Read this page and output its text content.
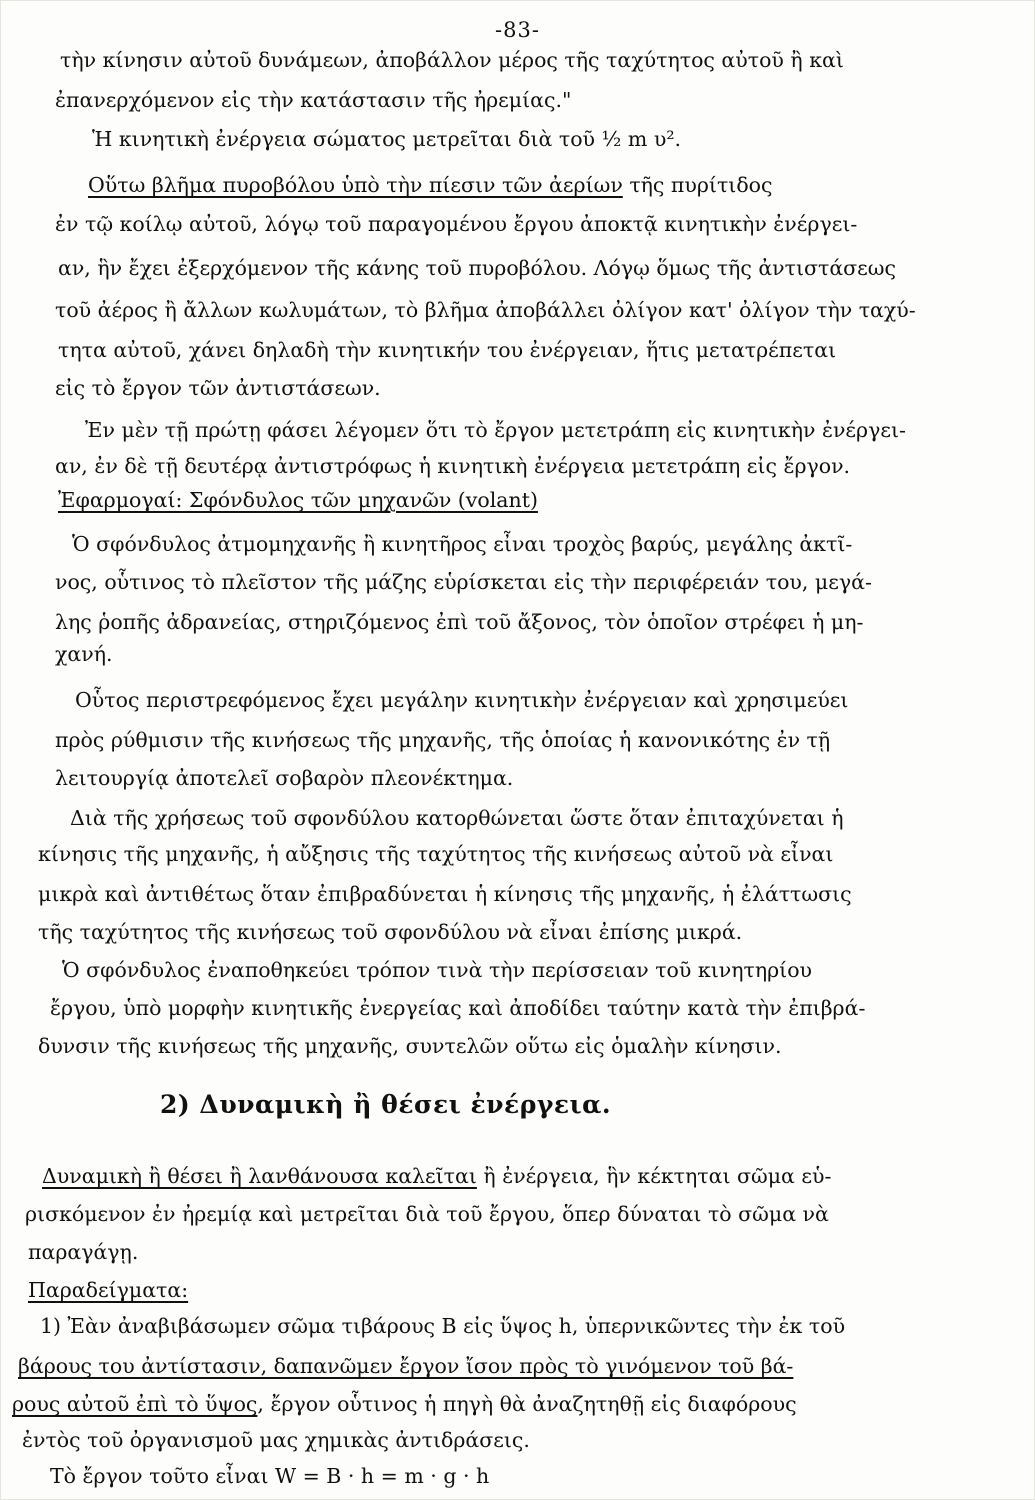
-83-
τὴν κίνησιν αὐτοῦ δυνάμεων, ἀποβάλλον μέρος τῆς ταχύτητος αὐτοῦ ἢ καὶ
ἐπανερχόμενον εἰς τὴν κατάστασιν τῆς ἠρεμίας."
Ἡ κινητικὴ ἐνέργεια σώματος μετρεῖται διὰ τοῦ ½ m υ².
Οὕτω βλῆμα πυροβόλου ὑπὸ τὴν πίεσιν τῶν ἀερίων τῆς πυρίτιδος
ἐν τῷ κοίλῳ αὐτοῦ, λόγῳ τοῦ παραγομένου ἔργου ἀποκτᾷ κινητικὴν ἐνέργει-
αν, ἣν ἔχει ἐξερχόμενον τῆς κάνης τοῦ πυροβόλου. Λόγῳ ὅμως τῆς ἀντιστάσεως
τοῦ ἀέρος ἢ ἄλλων κωλυμάτων, τὸ βλῆμα ἀποβάλλει ὀλίγον κατ' ὀλίγον τὴν ταχύ-
τητα αὐτοῦ, χάνει δηλαδὴ τὴν κινητικήν του ἐνέργειαν, ἥτις μετατρέπεται
εἰς τὸ ἔργον τῶν ἀντιστάσεων.
Ἐν μὲν τῇ πρώτῃ φάσει λέγομεν ὅτι τὸ ἔργον μετετράπη εἰς κινητικὴν ἐνέργει-
αν, ἐν δὲ τῇ δευτέρᾳ ἀντιστρόφως ἡ κινητικὴ ἐνέργεια μετετράπη εἰς ἔργον.
Ἐφαρμογαί: Σφόνδυλος τῶν μηχανῶν (volant)
Ὁ σφόνδυλος ἀτμομηχανῆς ἢ κινητῆρος εἶναι τροχὸς βαρύς, μεγάλης ἀκτῖ-
νος, οὗτινος τὸ πλεῖστον τῆς μάζης εὑρίσκεται εἰς τὴν περιφέρειάν του, μεγά-
λης ῥοπῆς ἀδρανείας, στηριζόμενος ἐπὶ τοῦ ἄξονος, τὸν ὁποῖον στρέφει ἡ μη-
χανή.
Οὗτος περιστρεφόμενος ἔχει μεγάλην κινητικὴν ἐνέργειαν καὶ χρησιμεύει
πρὸς ρύθμισιν τῆς κινήσεως τῆς μηχανῆς, τῆς ὁποίας ἡ κανονικότης ἐν τῇ
λειτουργίᾳ ἀποτελεῖ σοβαρὸν πλεονέκτημα.
Διὰ τῆς χρήσεως τοῦ σφονδύλου κατορθώνεται ὥστε ὅταν ἐπιταχύνεται ἡ
κίνησις τῆς μηχανῆς, ἡ αὔξησις τῆς ταχύτητος τῆς κινήσεως αὐτοῦ νὰ εἶναι
μικρὰ καὶ ἀντιθέτως ὅταν ἐπιβραδύνεται ἡ κίνησις τῆς μηχανῆς, ἡ ἐλάττωσις
τῆς ταχύτητος τῆς κινήσεως τοῦ σφονδύλου νὰ εἶναι ἐπίσης μικρά.
Ὁ σφόνδυλος ἐναποθηκεύει τρόπον τινὰ τὴν περίσσειαν τοῦ κινητηρίου
ἔργου, ὑπὸ μορφὴν κινητικῆς ἐνεργείας καὶ ἀποδίδει ταύτην κατὰ τὴν ἐπιβρά-
δυνσιν τῆς κινήσεως τῆς μηχανῆς, συντελῶν οὕτω εἰς ὁμαλὴν κίνησιν.
2) Δυναμικὴ ἢ θέσει ἐνέργεια.
Δυναμικὴ ἢ θέσει ἢ λανθάνουσα καλεῖται ἢ ἐνέργεια, ἣν κέκτηται σῶμα εὑ-
ρισκόμενον ἐν ἠρεμίᾳ καὶ μετρεῖται διὰ τοῦ ἔργου, ὅπερ δύναται τὸ σῶμα νὰ
παραγάγῃ.
Παραδείγματα:
1) Ἐὰν ἀναβιβάσωμεν σῶμα τιβάρους B εἰς ὕψος h, ὑπερνικῶντες τὴν ἐκ τοῦ
βάρους του ἀντίστασιν, δαπανῶμεν ἔργον ἴσον πρὸς τὸ γινόμενον τοῦ βά-
ρους αὐτοῦ ἐπὶ τὸ ὕψος, ἔργον οὗτινος ἡ πηγὴ θὰ ἀναζητηθῇ εἰς διαφόρους
ἐντὸς τοῦ ὀργανισμοῦ μας χημικὰς ἀντιδράσεις.
Τὸ ἔργον τοῦτο εἶναι W = B · h = m · g · h
